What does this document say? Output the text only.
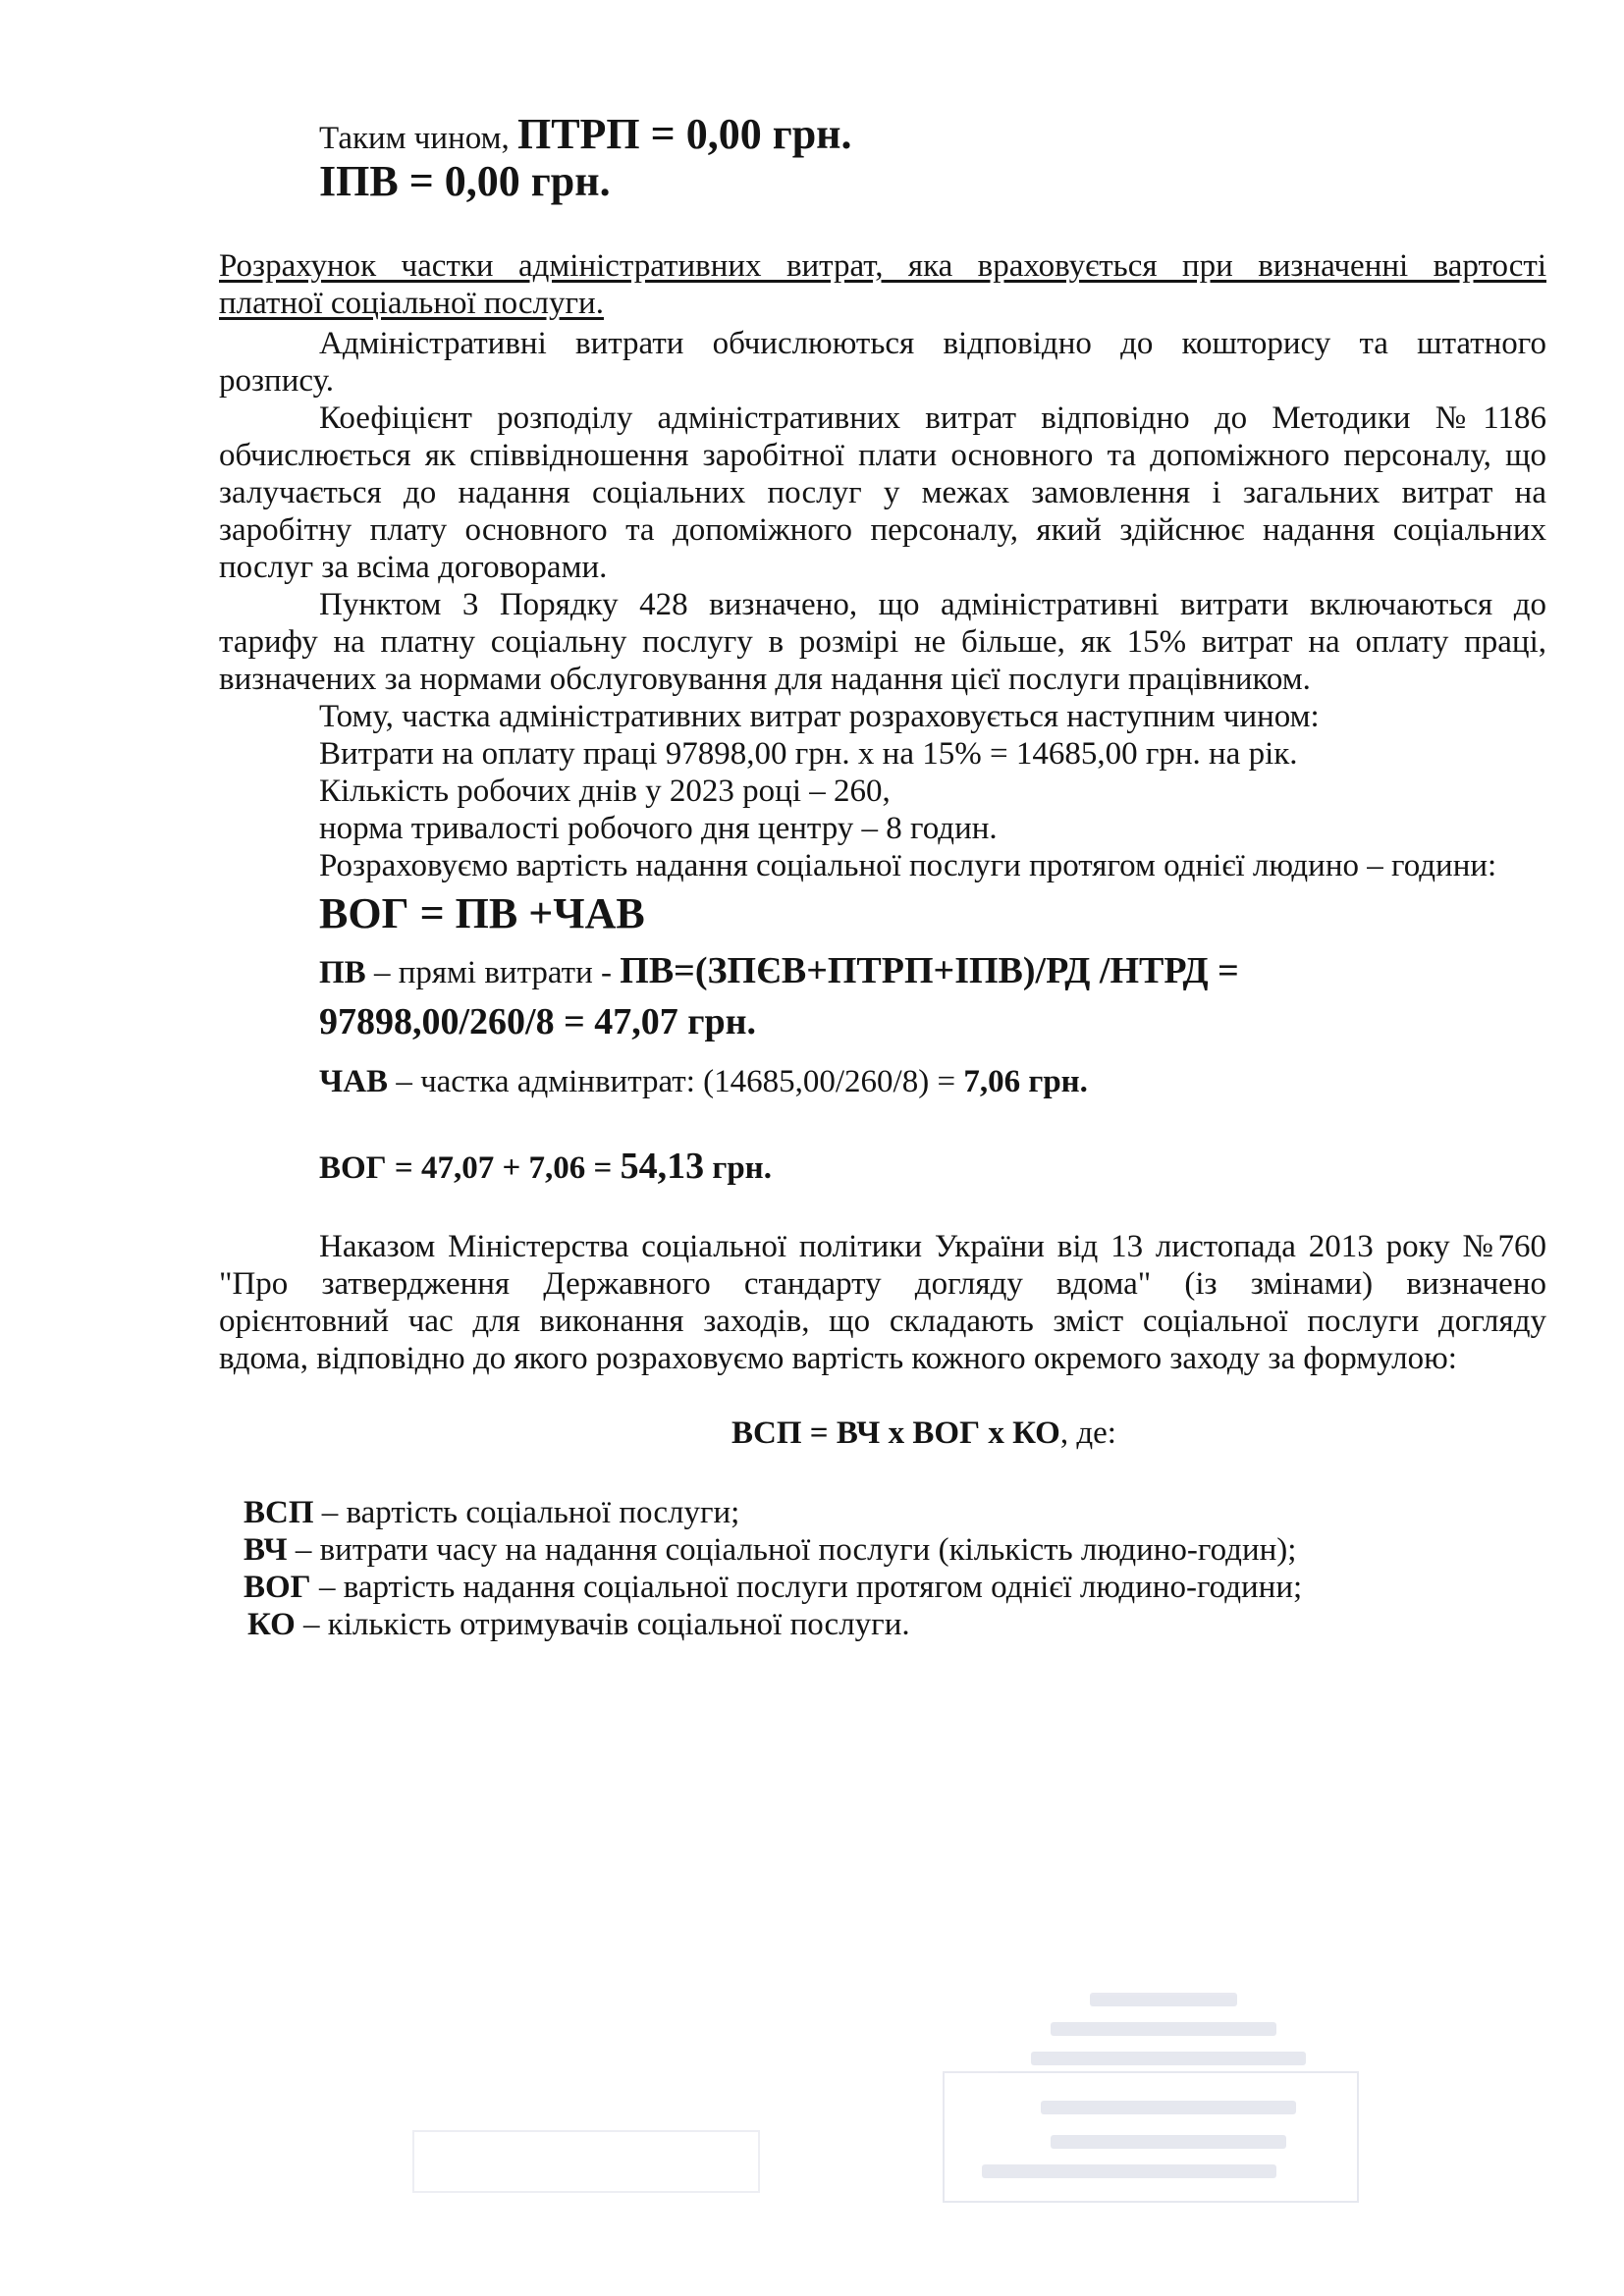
Таким чином, ПТРП = 0,00 грн.
ІПВ = 0,00 грн.
Розрахунок частки адміністративних витрат, яка враховується при визначенні вартості
платної соціальної послуги.
Адміністративні витрати обчислюються відповідно до кошторису та штатного
розпису.
Коефіцієнт розподілу адміністративних витрат відповідно до Методики №1186
обчислюється як співвідношення заробітної плати основного та допоміжного персоналу, що
залучається до надання соціальних послуг у межах замовлення і загальних витрат на
заробітну плату основного та допоміжного персоналу, який здійснює надання соціальних
послуг за всіма договорами.
Пунктом 3 Порядку 428 визначено, що адміністративні витрати включаються до
тарифу на платну соціальну послугу в розмірі не більше, як 15% витрат на оплату праці,
визначених за нормами обслуговування для надання цієї послуги працівником.
Тому, частка адміністративних витрат розраховується наступним чином:
Витрати на оплату праці 97898,00 грн. х на 15% = 14685,00 грн. на рік.
Кількість робочих днів у 2023 році – 260,
норма тривалості робочого дня центру – 8 годин.
Розраховуємо вартість надання соціальної послуги протягом однієї людино – години:
ВОГ = ПВ +ЧАВ
ПВ – прямі витрати - ПВ=(ЗПЄВ+ПТРП+ІПВ)/РД /НТРД =
97898,00/260/8 = 47,07 грн.
ЧАВ – частка адмінвитрат: (14685,00/260/8) = 7,06 грн.
ВОГ = 47,07 + 7,06 = 54,13 грн.
Наказом Міністерства соціальної політики України від 13 листопада 2013 року №760
"Про затвердження Державного стандарту догляду вдома" (із змінами) визначено
орієнтовний час для виконання заходів, що складають зміст соціальної послуги догляду
вдома, відповідно до якого розраховуємо вартість кожного окремого заходу за формулою:
ВСП = ВЧ х ВОГ х КО, де:
ВСП – вартість соціальної послуги;
ВЧ – витрати часу на надання соціальної послуги (кількість людино-годин);
ВОГ – вартість надання соціальної послуги протягом однієї людино-години;
КО – кількість отримувачів соціальної послуги.
